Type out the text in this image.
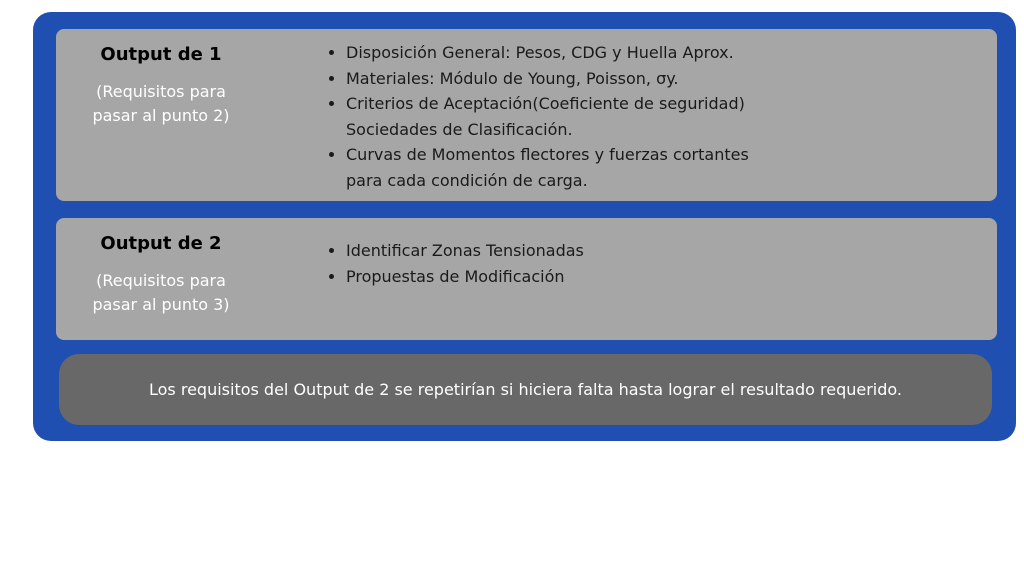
Output de 1
(Requisitos para
pasar al punto 2)
Disposición General: Pesos, CDG y Huella Aprox.
Materiales: Módulo de Young, Poisson, σy.
Criterios de Aceptación(Coeficiente de seguridad)
Sociedades de Clasificación.
Curvas de Momentos flectores y fuerzas cortantes
para cada condición de carga.
Output de 2
(Requisitos para
pasar al punto 3)
Identificar Zonas Tensionadas
Propuestas de Modificación
Los requisitos del Output de 2 se repetirían si hiciera falta hasta lograr el resultado requerido.
